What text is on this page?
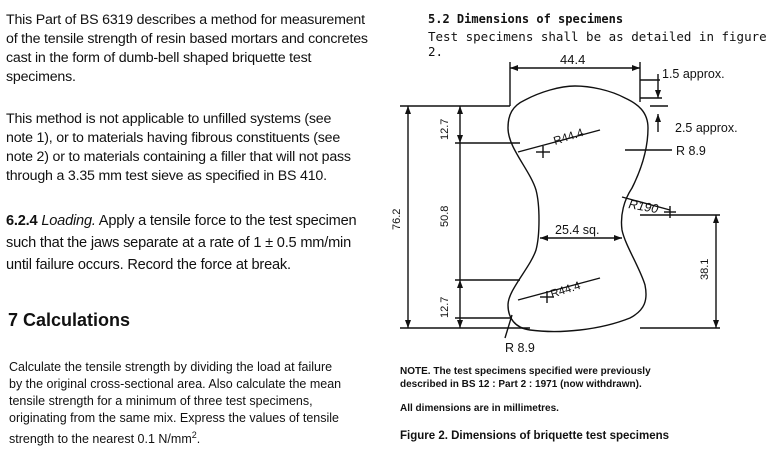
This Part of BS 6319 describes a method for measurement
of the tensile strength of resin based mortars and concretes
cast in the form of dumb-bell shaped briquette test
specimens.
This method is not applicable to unfilled systems (see
note 1), or to materials having fibrous constituents (see
note 2) or to materials containing a filler that will not pass
through a 3.35 mm test sieve as specified in BS 410.
6.2.4 Loading. Apply a tensile force to the test specimen
such that the jaws separate at a rate of 1 ± 0.5 mm/min
until failure occurs. Record the force at break.
7 Calculations
Calculate the tensile strength by dividing the load at failure
by the original cross-sectional area. Also calculate the mean
tensile strength for a minimum of three test specimens,
originating from the same mix. Express the values of tensile
strength to the nearest 0.1 $N/mm^2$.
5.2 Dimensions of specimens
Test specimens shall be as detailed in figure 2.
44.4
1.5 approx.
2.5 approx.
R 8.9
R44.4
12.7
50.8
76.2
R190
25.4 sq.
38.1
R44.4
12.7
R 8.9
NOTE. The test specimens specified were previously
described in BS 12 : Part 2 : 1971 (now withdrawn).
All dimensions are in millimetres.
Figure 2. Dimensions of briquette test specimens
